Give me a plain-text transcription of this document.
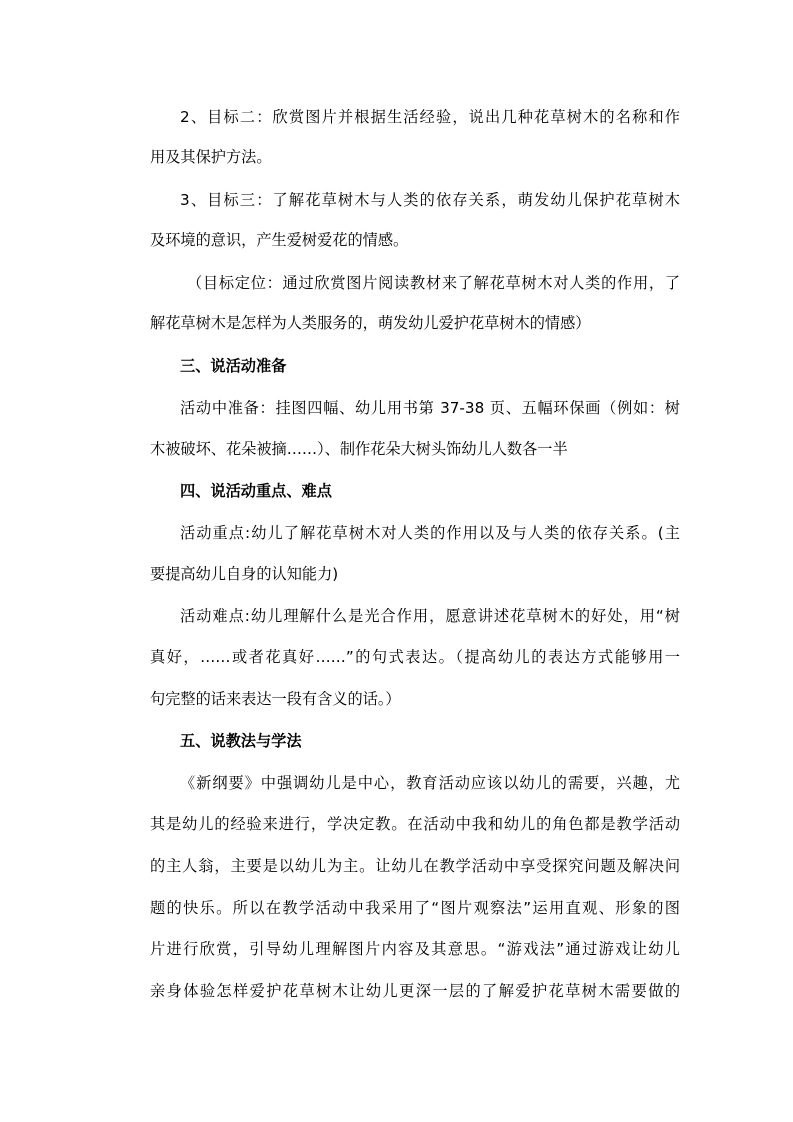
2、目标二：欣赏图片并根据生活经验，说出几种花草树木的名称和作
用及其保护方法。
3、目标三：了解花草树木与人类的依存关系，萌发幼儿保护花草树木
及环境的意识，产生爱树爱花的情感。
（目标定位：通过欣赏图片阅读教材来了解花草树木对人类的作用，了
解花草树木是怎样为人类服务的，萌发幼儿爱护花草树木的情感）
三、说活动准备
活动中准备：挂图四幅、幼儿用书第 37-38 页、五幅环保画（例如：树
木被破坏、花朵被摘……）、制作花朵大树头饰幼儿人数各一半
四、说活动重点、难点
活动重点:幼儿了解花草树木对人类的作用以及与人类的依存关系。(主
要提高幼儿自身的认知能力)
活动难点:幼儿理解什么是光合作用，愿意讲述花草树木的好处，用“树
真好，……或者花真好……”的句式表达。（提高幼儿的表达方式能够用一
句完整的话来表达一段有含义的话。）
五、说教法与学法
《新纲要》中强调幼儿是中心，教育活动应该以幼儿的需要，兴趣，尤
其是幼儿的经验来进行，学决定教。在活动中我和幼儿的角色都是教学活动
的主人翁，主要是以幼儿为主。让幼儿在教学活动中享受探究问题及解决问
题的快乐。所以在教学活动中我采用了“图片观察法”运用直观、形象的图
片进行欣赏，引导幼儿理解图片内容及其意思。“游戏法”通过游戏让幼儿
亲身体验怎样爱护花草树木让幼儿更深一层的了解爱护花草树木需要做的
